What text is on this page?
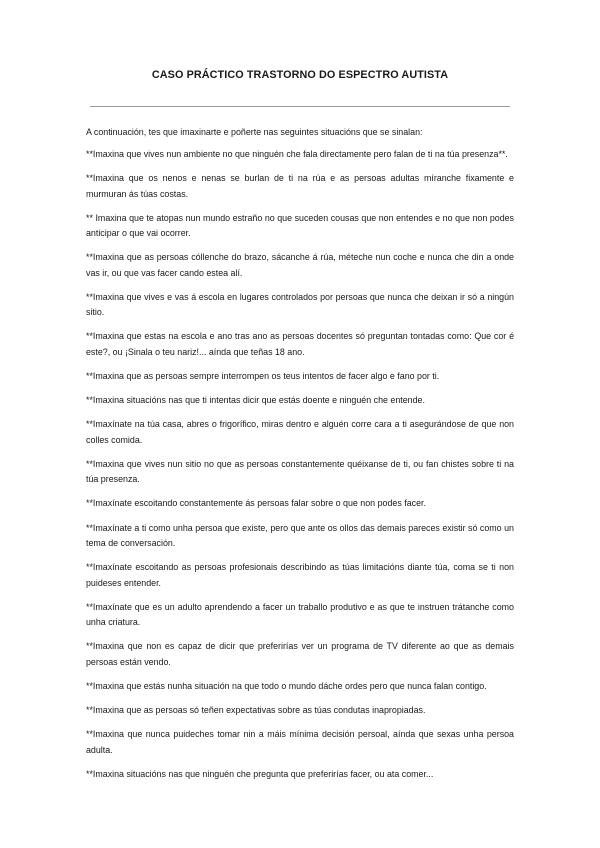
CASO PRÁCTICO TRASTORNO DO ESPECTRO AUTISTA

A continuación, tes que imaxinarte e poñerte nas seguintes situacións que se sinalan:

**Imaxina que vives nun ambiente no que ninguén che fala directamente pero falan de ti na túa presenza**.

**Imaxina que os nenos e nenas se burlan de ti na rúa e as persoas adultas míranche fixamente e murmuran ás túas costas.

** Imaxina que te atopas nun mundo estraño no que suceden cousas que non entendes e no que non podes anticipar o que vai ocorrer.

**Imaxina que as persoas cóllenche do brazo, sácanche á rúa, méteche nun coche e nunca che din a onde vas ir, ou que vas facer cando estea alí.

**Imaxina que vives e vas á escola en lugares controlados por persoas que nunca che deixan ir só a ningún sitio.

**Imaxina que estas na escola e ano tras ano as persoas docentes só preguntan tontadas como: Que cor é este?, ou ¡Sinala o teu nariz!... aínda que teñas 18 ano.

**Imaxina que as persoas sempre interrompen os teus intentos de facer algo e fano por ti.

**Imaxina situacións nas que ti intentas dicir que estás doente e ninguén che entende.

**Imaxínate na túa casa, abres o frigorífico, miras dentro e alguén corre cara a ti asegurándose de que non colles comida.

**Imaxina que vives nun sitio no que as persoas constantemente quéixanse de ti, ou fan chistes sobre ti na túa presenza.

**Imaxínate escoitando constantemente ás persoas falar sobre o que non podes facer.

**Imaxínate a ti como unha persoa que existe, pero que ante os ollos das demais pareces existir só como un tema de conversación.

**Imaxínate escoitando as persoas profesionais describindo as túas limitacións diante túa, coma se ti non puideses entender.

**Imaxínate que es un adulto aprendendo a facer un traballo produtivo e as que te instruen trátanche como unha criatura.

**Imaxina que non es capaz de dicir que preferirías ver un programa de TV diferente ao que as demais persoas están vendo.

**Imaxina que estás nunha situación na que todo o mundo dáche ordes pero que nunca falan contigo.

**Imaxina que as persoas só teñen expectativas sobre as túas condutas inapropiadas.

**Imaxina que nunca puideches tomar nin a máis mínima decisión persoal, aínda que sexas unha persoa adulta.

**Imaxina situacións nas que ninguén che pregunta que preferirías facer, ou ata comer...
